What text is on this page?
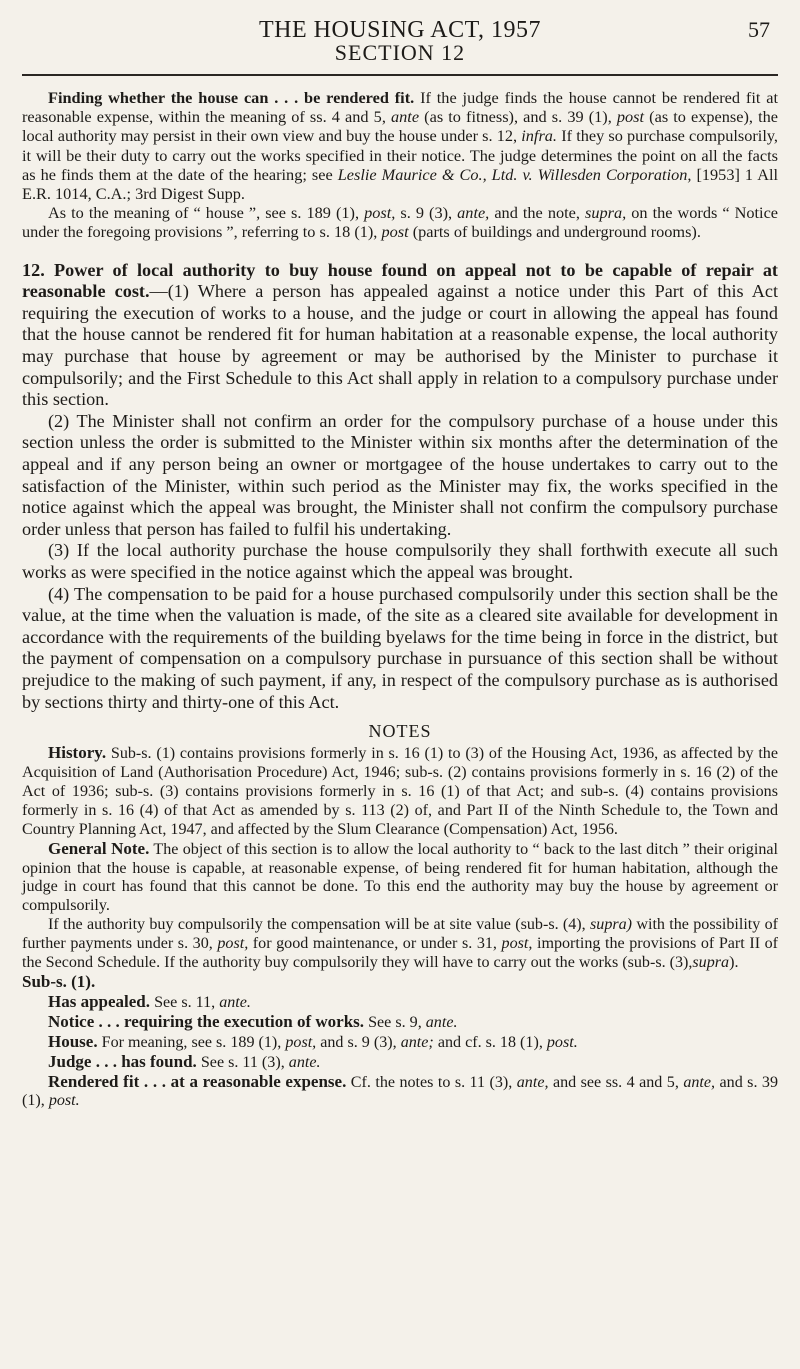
THE HOUSING ACT, 1957
SECTION 12
57

Finding whether the house can . . . be rendered fit. If the judge finds the house cannot be rendered fit at reasonable expense, within the meaning of ss. 4 and 5, ante (as to fitness), and s. 39 (1), post (as to expense), the local authority may persist in their own view and buy the house under s. 12, infra. If they so purchase compulsorily, it will be their duty to carry out the works specified in their notice. The judge determines the point on all the facts as he finds them at the date of the hearing; see Leslie Maurice & Co., Ltd. v. Willesden Corporation, [1953] 1 All E.R. 1014, C.A.; 3rd Digest Supp.

As to the meaning of “ house ”, see s. 189 (1), post, s. 9 (3), ante, and the note, supra, on the words “ Notice under the foregoing provisions ”, referring to s. 18 (1), post (parts of buildings and underground rooms).

12. Power of local authority to buy house found on appeal not to be capable of repair at reasonable cost.—(1) Where a person has appealed against a notice under this Part of this Act requiring the execution of works to a house, and the judge or court in allowing the appeal has found that the house cannot be rendered fit for human habitation at a reasonable expense, the local authority may purchase that house by agreement or may be authorised by the Minister to purchase it compulsorily; and the First Schedule to this Act shall apply in relation to a compulsory purchase under this section.

(2) The Minister shall not confirm an order for the compulsory purchase of a house under this section unless the order is submitted to the Minister within six months after the determination of the appeal and if any person being an owner or mortgagee of the house undertakes to carry out to the satisfaction of the Minister, within such period as the Minister may fix, the works specified in the notice against which the appeal was brought, the Minister shall not confirm the compulsory purchase order unless that person has failed to fulfil his undertaking.

(3) If the local authority purchase the house compulsorily they shall forthwith execute all such works as were specified in the notice against which the appeal was brought.

(4) The compensation to be paid for a house purchased compulsorily under this section shall be the value, at the time when the valuation is made, of the site as a cleared site available for development in accordance with the requirements of the building byelaws for the time being in force in the district, but the payment of compensation on a compulsory purchase in pursuance of this section shall be without prejudice to the making of such payment, if any, in respect of the compulsory purchase as is authorised by sections thirty and thirty-one of this Act.

NOTES

History. Sub-s. (1) contains provisions formerly in s. 16 (1) to (3) of the Housing Act, 1936, as affected by the Acquisition of Land (Authorisation Procedure) Act, 1946; sub-s. (2) contains provisions formerly in s. 16 (2) of the Act of 1936; sub-s. (3) contains provisions formerly in s. 16 (1) of that Act; and sub-s. (4) contains provisions formerly in s. 16 (4) of that Act as amended by s. 113 (2) of, and Part II of the Ninth Schedule to, the Town and Country Planning Act, 1947, and affected by the Slum Clearance (Compensation) Act, 1956.

General Note. The object of this section is to allow the local authority to “ back to the last ditch ” their original opinion that the house is capable, at reasonable expense, of being rendered fit for human habitation, although the judge in court has found that this cannot be done. To this end the authority may buy the house by agreement or compulsorily.

If the authority buy compulsorily the compensation will be at site value (sub-s. (4), supra) with the possibility of further payments under s. 30, post, for good maintenance, or under s. 31, post, importing the provisions of Part II of the Second Schedule. If the authority buy compulsorily they will have to carry out the works (sub-s. (3),supra).

Sub-s. (1).

Has appealed. See s. 11, ante.

Notice . . . requiring the execution of works. See s. 9, ante.

House. For meaning, see s. 189 (1), post, and s. 9 (3), ante; and cf. s. 18 (1), post.

Judge . . . has found. See s. 11 (3), ante.

Rendered fit . . . at a reasonable expense. Cf. the notes to s. 11 (3), ante, and see ss. 4 and 5, ante, and s. 39 (1), post.
